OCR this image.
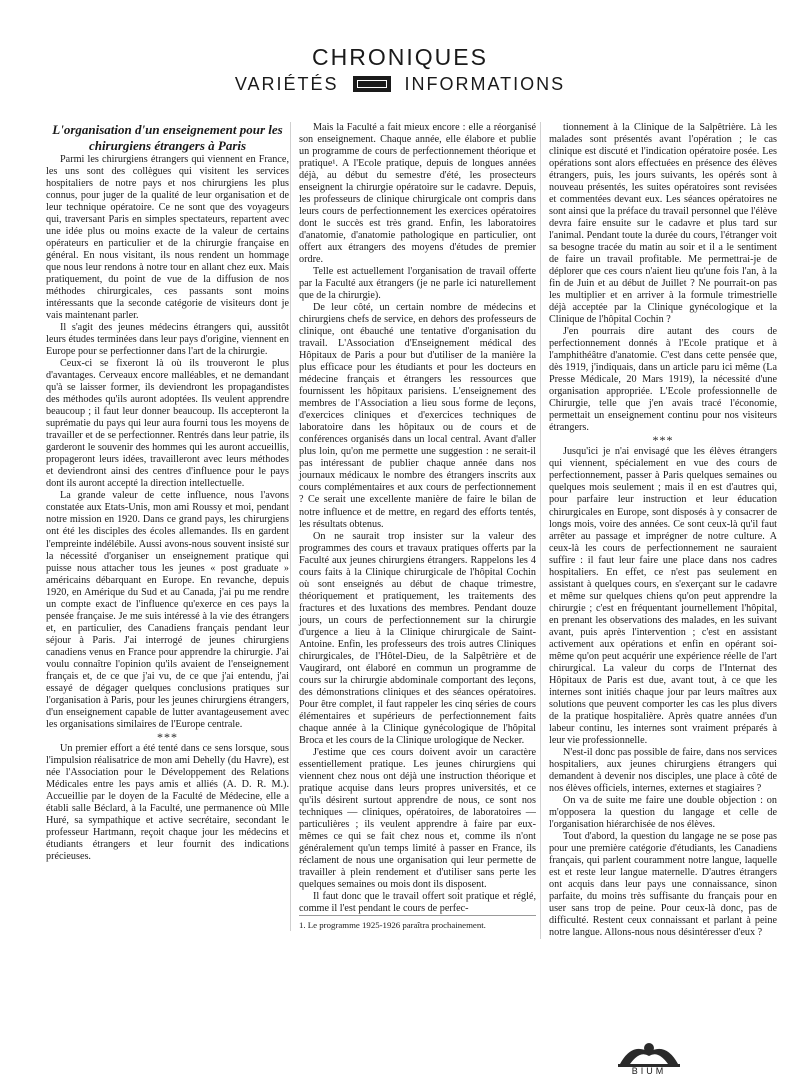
CHRONIQUES
VARIÉTÉS	INFORMATIONS

L'organisation d'un enseignement pour les chirurgiens étrangers à Paris

Parmi les chirurgiens étrangers qui viennent en France, les uns sont des collègues qui visitent les services hospitaliers de notre pays et nos chirurgiens les plus connus, pour juger de la qualité de leur organisation et de leur technique opératoire. Ce ne sont que des voyageurs qui, traversant Paris en simples spectateurs, repartent avec une idée plus ou moins exacte de la valeur de certains opérateurs en particulier et de la chirurgie française en général. En nous visitant, ils nous rendent un hommage que nous leur rendons à notre tour en allant chez eux. Mais pratiquement, du point de vue de la diffusion de nos méthodes chirurgicales, ces passants sont moins intéressants que la seconde catégorie de visiteurs dont je vais maintenant parler.

Il s'agit des jeunes médecins étrangers qui, aussitôt leurs études terminées dans leur pays d'origine, viennent en Europe pour se perfectionner dans l'art de la chirurgie.

Ceux-ci se fixeront là où ils trouveront le plus d'avantages. Cerveaux encore malléables, et ne demandant qu'à se laisser former, ils deviendront les propagandistes des méthodes qu'ils auront adoptées. Ils veulent apprendre beaucoup ; il faut leur donner beaucoup. Ils accepteront la suprématie du pays qui leur aura fourni tous les moyens de travailler et de se perfectionner. Rentrés dans leur patrie, ils garderont le souvenir des hommes qui les auront accueillis, propageront leurs idées, travailleront avec leurs méthodes et deviendront ainsi des centres d'influence pour le pays dont ils auront accepté la direction intellectuelle.

La grande valeur de cette influence, nous l'avons constatée aux Etats-Unis, mon ami Roussy et moi, pendant notre mission en 1920. Dans ce grand pays, les chirurgiens ont été les disciples des écoles allemandes. Ils en gardent l'empreinte indélébile. Aussi avons-nous souvent insisté sur la nécessité d'organiser un enseignement pratique qui puisse nous attacher tous les jeunes « post graduate » américains débarquant en Europe. En revanche, depuis 1920, en Amérique du Sud et au Canada, j'ai pu me rendre un compte exact de l'influence qu'exerce en ces pays la pensée française. Je me suis intéressé à la vie des étrangers et, en particulier, des Canadiens français pendant leur séjour à Paris. J'ai interrogé de jeunes chirurgiens canadiens venus en France pour apprendre la chirurgie. J'ai voulu connaître l'opinion qu'ils avaient de l'enseignement français et, de ce que j'ai vu, de ce que j'ai entendu, j'ai essayé de dégager quelques conclusions pratiques sur l'organisation à Paris, pour les jeunes chirurgiens étrangers, d'un enseignement capable de lutter avantageusement avec les organisations similaires de l'Europe centrale.

***

Un premier effort a été tenté dans ce sens lorsque, sous l'impulsion réalisatrice de mon ami Dehelly (du Havre), est née l'Association pour le Développement des Relations Médicales entre les pays amis et alliés (A. D. R. M.). Accueillie par le doyen de la Faculté de Médecine, elle a établi salle Béclard, à la Faculté, une permanence où Mlle Huré, sa sympathique et active secrétaire, secondant le professeur Hartmann, reçoit chaque jour les médecins et étudiants étrangers et leur fournit des indications précieuses.

Mais la Faculté a fait mieux encore : elle a réorganisé son enseignement. Chaque année, elle élabore et publie un programme de cours de perfectionnement théorique et pratique¹. A l'Ecole pratique, depuis de longues années déjà, au début du semestre d'été, les prosecteurs enseignent la chirurgie opératoire sur le cadavre. Depuis, les professeurs de clinique chirurgicale ont compris dans leurs cours de perfectionnement les exercices opératoires dont le succès est très grand. Enfin, les laboratoires d'anatomie, d'anatomie pathologique en particulier, ont offert aux étrangers des moyens d'études de premier ordre.

Telle est actuellement l'organisation de travail offerte par la Faculté aux étrangers (je ne parle ici naturellement que de la chirurgie).

De leur côté, un certain nombre de médecins et chirurgiens chefs de service, en dehors des professeurs de clinique, ont ébauché une tentative d'organisation du travail. L'Association d'Enseignement médical des Hôpitaux de Paris a pour but d'utiliser de la manière la plus efficace pour les étudiants et pour les docteurs en médecine français et étrangers les ressources que fournissent les hôpitaux parisiens. L'enseignement des membres de l'Association a lieu sous forme de leçons, d'exercices cliniques et d'exercices techniques de laboratoire dans les hôpitaux ou de cours et de conférences organisés dans un local central. Avant d'aller plus loin, qu'on me permette une suggestion : ne serait-il pas intéressant de publier chaque année dans nos journaux médicaux le nombre des étrangers inscrits aux cours complémentaires et aux cours de perfectionnement ? Ce serait une excellente manière de faire le bilan de notre influence et de mettre, en regard des efforts tentés, les résultats obtenus.

On ne saurait trop insister sur la valeur des programmes des cours et travaux pratiques offerts par la Faculté aux jeunes chirurgiens étrangers. Rappelons les 4 cours faits à la Clinique chirurgicale de l'hôpital Cochin où sont enseignés au début de chaque trimestre, théoriquement et pratiquement, les traitements des fractures et des luxations des membres. Pendant douze jours, un cours de perfectionnement sur la chirurgie d'urgence a lieu à la Clinique chirurgicale de Saint-Antoine. Enfin, les professeurs des trois autres Cliniques chirurgicales, de l'Hôtel-Dieu, de la Salpêtrière et de Vaugirard, ont élaboré en commun un programme de cours sur la chirurgie abdominale comportant des leçons, des démonstrations cliniques et des séances opératoires. Pour être complet, il faut rappeler les cinq séries de cours élémentaires et supérieurs de perfectionnement faits chaque année à la Clinique gynécologique de l'hôpital Broca et les cours de la Clinique urologique de Necker.

J'estime que ces cours doivent avoir un caractère essentiellement pratique. Les jeunes chirurgiens qui viennent chez nous ont déjà une instruction théorique et pratique acquise dans leurs propres universités, et ce qu'ils désirent surtout apprendre de nous, ce sont nos techniques — cliniques, opératoires, de laboratoires — particulières ; ils veulent apprendre à faire par eux-mêmes ce qui se fait chez nous et, comme ils n'ont généralement qu'un temps limité à passer en France, ils réclament de nous une organisation qui leur permette de travailler à plein rendement et d'utiliser sans perte les quelques semaines ou mois dont ils disposent.

Il faut donc que le travail offert soit pratique et réglé, comme il l'est pendant le cours de perfec-

1. Le programme 1925-1926 paraîtra prochainement.

tionnement à la Clinique de la Salpêtrière. Là les malades sont présentés avant l'opération ; le cas clinique est discuté et l'indication opératoire posée. Les opérations sont alors effectuées en présence des élèves étrangers, puis, les jours suivants, les opérés sont à nouveau présentés, les suites opératoires sont revisées et commentées devant eux. Les séances opératoires ne sont ainsi que la préface du travail personnel que l'élève devra faire ensuite sur le cadavre et plus tard sur l'animal. Pendant toute la durée du cours, l'étranger voit sa besogne tracée du matin au soir et il a le sentiment de faire un travail profitable. Me permettrai-je de déplorer que ces cours n'aient lieu qu'une fois l'an, à la fin de Juin et au début de Juillet ? Ne pourrait-on pas les multiplier et en arriver à la formule trimestrielle déjà acceptée par la Clinique gynécologique et la Clinique de l'hôpital Cochin ?

J'en pourrais dire autant des cours de perfectionnement donnés à l'Ecole pratique et à l'amphithéâtre d'anatomie. C'est dans cette pensée que, dès 1919, j'indiquais, dans un article paru ici même (La Presse Médicale, 20 Mars 1919), la nécessité d'une organisation appropriée. L'Ecole professionnelle de Chirurgie, telle que j'en avais tracé l'économie, permettait un enseignement continu pour nos visiteurs étrangers.

***

Jusqu'ici je n'ai envisagé que les élèves étrangers qui viennent, spécialement en vue des cours de perfectionnement, passer à Paris quelques semaines ou quelques mois seulement ; mais il en est d'autres qui, pour parfaire leur instruction et leur éducation chirurgicales en Europe, sont disposés à y consacrer de longs mois, voire des années. Ce sont ceux-là qu'il faut arrêter au passage et imprégner de notre culture. A ceux-là les cours de perfectionnement ne sauraient suffire : il faut leur faire une place dans nos cadres hospitaliers. En effet, ce n'est pas seulement en assistant à quelques cours, en s'exerçant sur le cadavre et même sur quelques chiens qu'on peut apprendre la chirurgie ; c'est en fréquentant journellement l'hôpital, en prenant les observations des malades, en les suivant avant, puis après l'intervention ; c'est en assistant activement aux opérations et enfin en opérant soi-même qu'on peut acquérir une expérience réelle de l'art chirurgical. La valeur du corps de l'Internat des Hôpitaux de Paris est due, avant tout, à ce que les internes sont initiés chaque jour par leurs maîtres aux solutions que peuvent comporter les cas les plus divers de la pratique hospitalière. Après quatre années d'un labeur continu, les internes sont vraiment préparés à leur vie professionnelle.

N'est-il donc pas possible de faire, dans nos services hospitaliers, aux jeunes chirurgiens étrangers qui demandent à devenir nos disciples, une place à côté de nos élèves officiels, internes, externes et stagiaires ?

On va de suite me faire une double objection : on m'opposera la question du langage et celle de l'organisation hiérarchisée de nos élèves.

Tout d'abord, la question du langage ne se pose pas pour une première catégorie d'étudiants, les Canadiens français, qui parlent couramment notre langue, laquelle est et reste leur langue maternelle. D'autres étrangers ont acquis dans leur pays une connaissance, sinon parfaite, du moins très suffisante du français pour en user sans trop de peine. Pour ceux-là donc, pas de difficulté. Restent ceux connaissant et parlant à peine notre langue. Allons-nous nous désintéresser d'eux ?

BIUM
